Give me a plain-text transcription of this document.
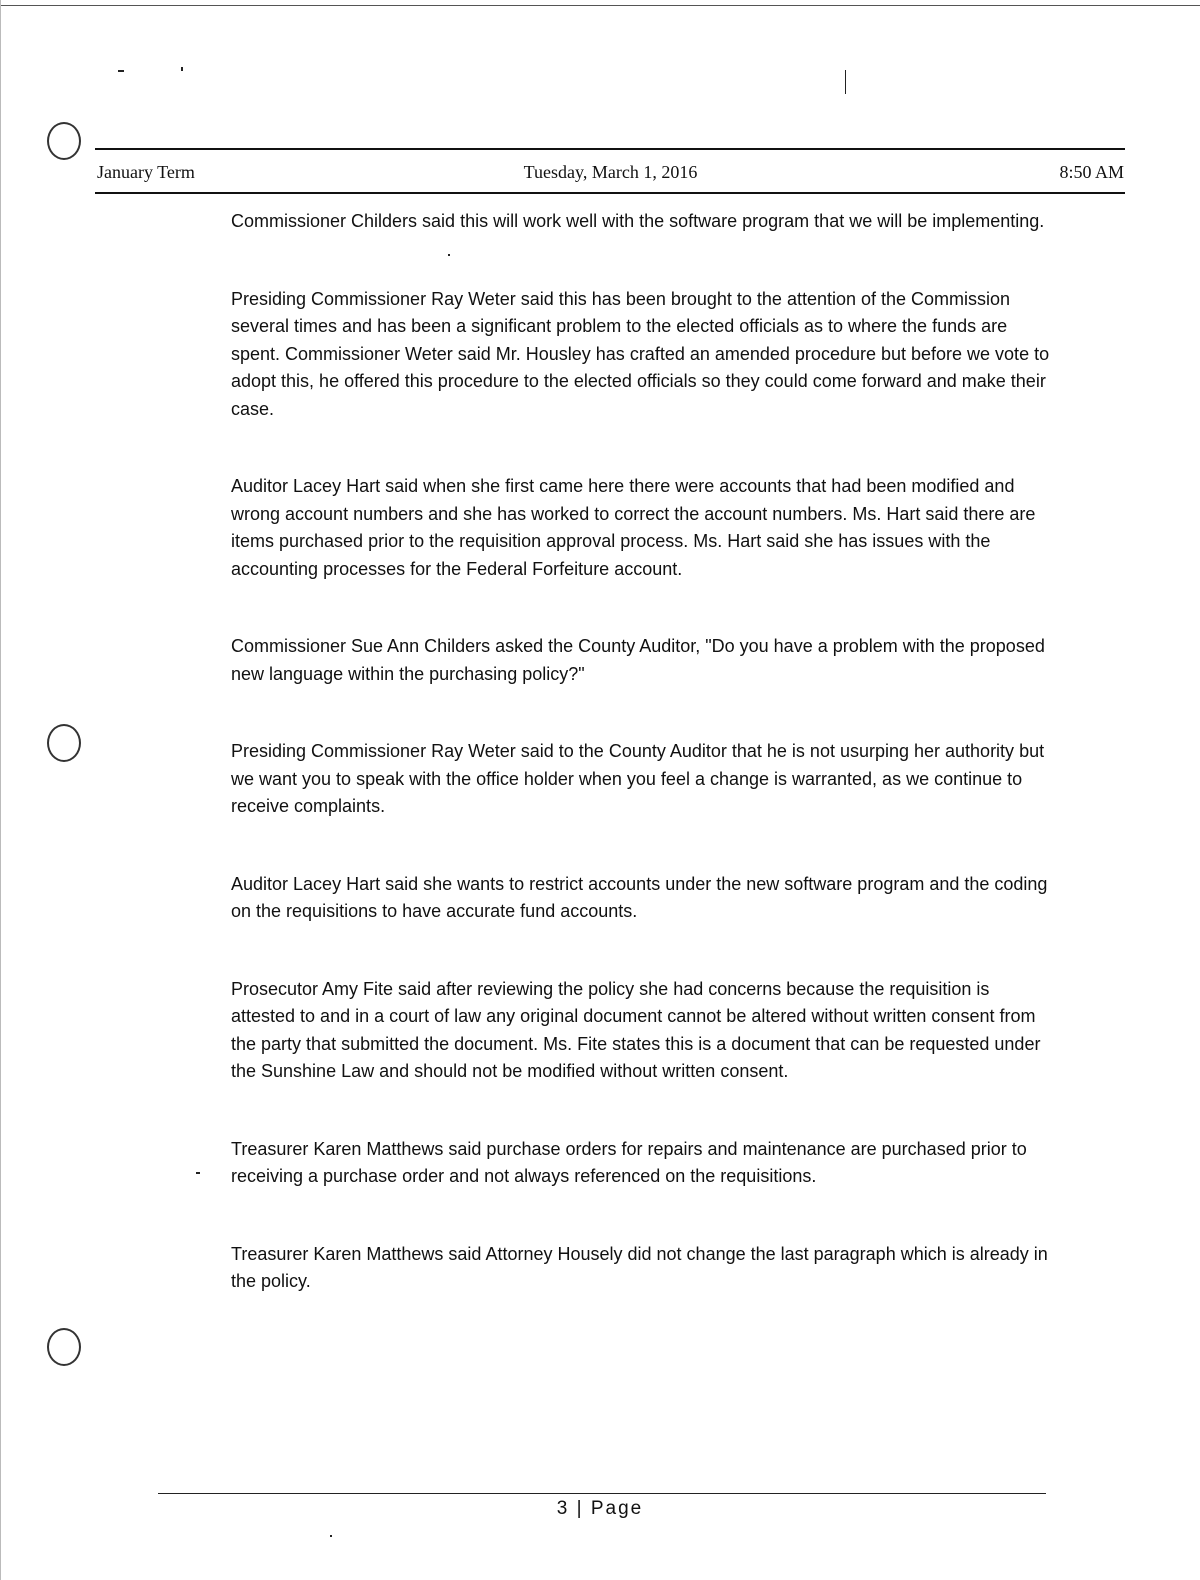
January Term	Tuesday, March 1, 2016	8:50 AM

Commissioner Childers said this will work well with the software program that we will be implementing.

Presiding Commissioner Ray Weter said this has been brought to the attention of the Commission several times and has been a significant problem to the elected officials as to where the funds are spent. Commissioner Weter said Mr. Housley has crafted an amended procedure but before we vote to adopt this, he offered this procedure to the elected officials so they could come forward and make their case.

Auditor Lacey Hart said when she first came here there were accounts that had been modified and wrong account numbers and she has worked to correct the account numbers. Ms. Hart said there are items purchased prior to the requisition approval process. Ms. Hart said she has issues with the accounting processes for the Federal Forfeiture account.

Commissioner Sue Ann Childers asked the County Auditor, "Do you have a problem with the proposed new language within the purchasing policy?"

Presiding Commissioner Ray Weter said to the County Auditor that he is not usurping her authority but we want you to speak with the office holder when you feel a change is warranted, as we continue to receive complaints.

Auditor Lacey Hart said she wants to restrict accounts under the new software program and the coding on the requisitions to have accurate fund accounts.

Prosecutor Amy Fite said after reviewing the policy she had concerns because the requisition is attested to and in a court of law any original document cannot be altered without written consent from the party that submitted the document. Ms. Fite states this is a document that can be requested under the Sunshine Law and should not be modified without written consent.

Treasurer Karen Matthews said purchase orders for repairs and maintenance are purchased prior to receiving a purchase order and not always referenced on the requisitions.

Treasurer Karen Matthews said Attorney Housely did not change the last paragraph which is already in the policy.

3 | Page
